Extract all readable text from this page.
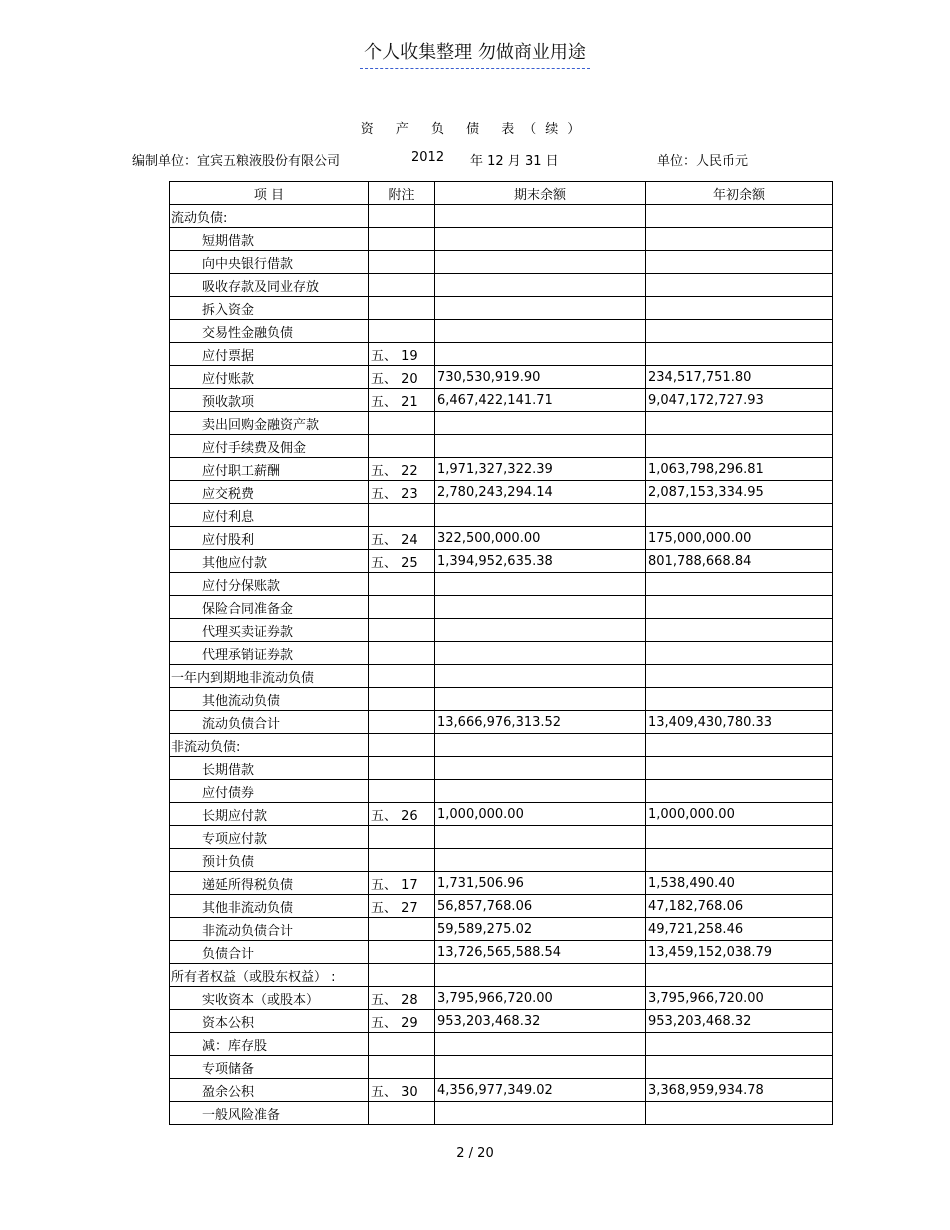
个人收集整理 勿做商业用途
资 产 负 债 表（续）
编制单位：宜宾五粮液股份有限公司	2012 年 12 月 31 日	单位：人民币元
项 目	附注	期末余额	年初余额
流动负债:			
短期借款			
向中央银行借款			
吸收存款及同业存放			
拆入资金			
交易性金融负债			
应付票据	五、 19		
应付账款	五、 20	730,530,919.90	234,517,751.80
预收款项	五、 21	6,467,422,141.71	9,047,172,727.93
卖出回购金融资产款			
应付手续费及佣金			
应付职工薪酬	五、 22	1,971,327,322.39	1,063,798,296.81
应交税费	五、 23	2,780,243,294.14	2,087,153,334.95
应付利息			
应付股利	五、 24	322,500,000.00	175,000,000.00
其他应付款	五、 25	1,394,952,635.38	801,788,668.84
应付分保账款			
保险合同准备金			
代理买卖证券款			
代理承销证券款			
一年内到期地非流动负债			
其他流动负债			
流动负债合计		13,666,976,313.52	13,409,430,780.33
非流动负债:			
长期借款			
应付债券			
长期应付款	五、 26	1,000,000.00	1,000,000.00
专项应付款			
预计负债			
递延所得税负债	五、 17	1,731,506.96	1,538,490.40
其他非流动负债	五、 27	56,857,768.06	47,182,768.06
非流动负债合计		59,589,275.02	49,721,258.46
负债合计		13,726,565,588.54	13,459,152,038.79
所有者权益（或股东权益） :			
实收资本（或股本）	五、 28	3,795,966,720.00	3,795,966,720.00
资本公积	五、 29	953,203,468.32	953,203,468.32
减：库存股			
专项储备			
盈余公积	五、 30	4,356,977,349.02	3,368,959,934.78
一般风险准备			
2 / 20
